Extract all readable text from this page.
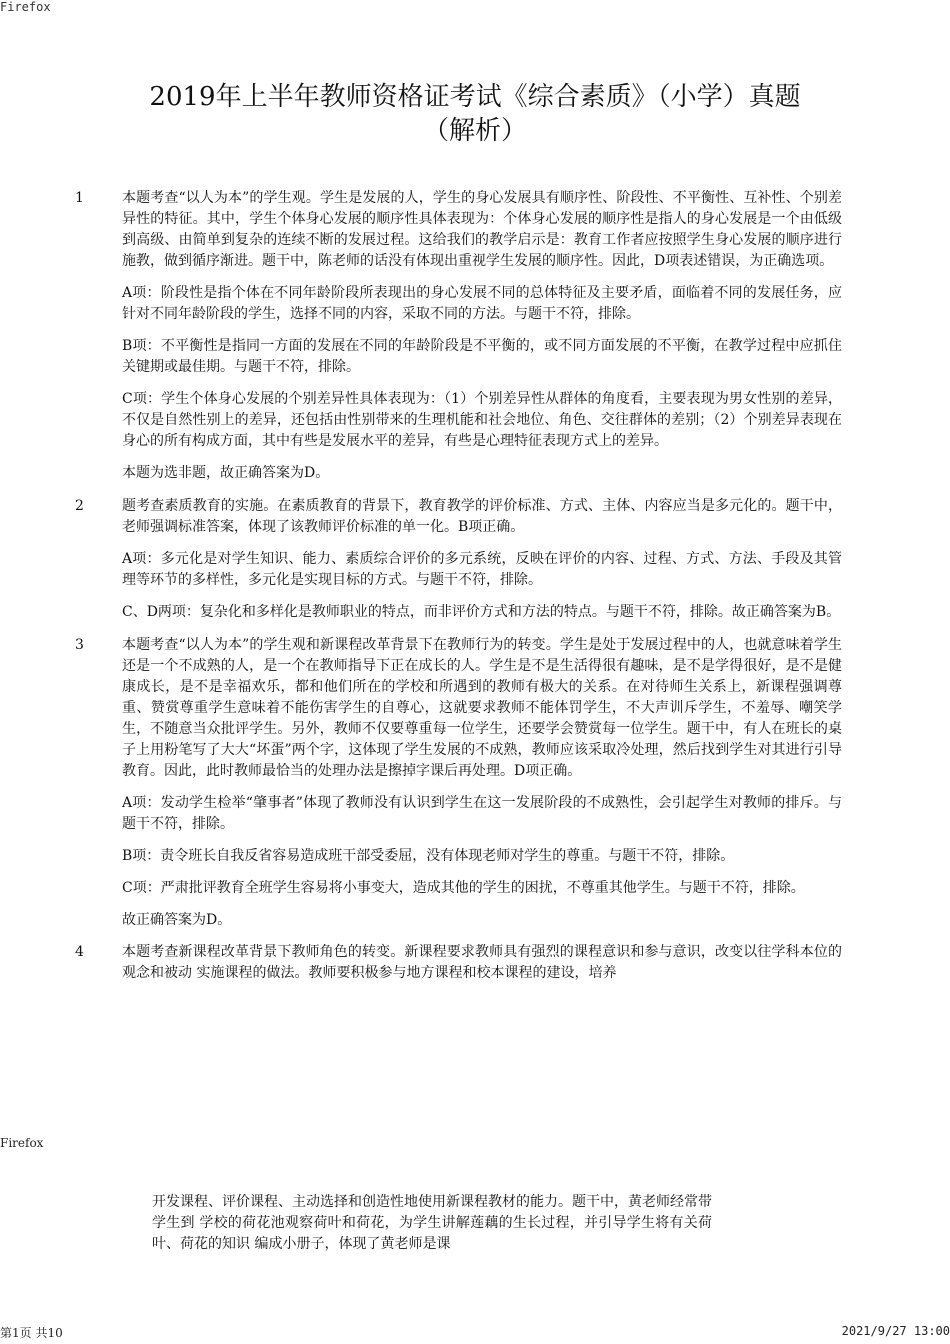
Firefox
2019年上半年教师资格证考试《综合素质》（小学）真题
（解析）
1	本题考查“以人为本”的学生观。学生是发展的人，学生的身心发展具有顺序性、阶段性、不平衡性、互补性、个别差异性的特征。其中，学生个体身心发展的顺序性具体表现为：个体身心发展的顺序性是指人的身心发展是一个由低级到高级、由简单到复杂的连续不断的发展过程。这给我们的教学启示是：教育工作者应按照学生身心发展的顺序进行施教，做到循序渐进。题干中，陈老师的话没有体现出重视学生发展的顺序性。因此，D项表述错误，为正确选项。

A项：阶段性是指个体在不同年龄阶段所表现出的身心发展不同的总体特征及主要矛盾，面临着不同的发展任务，应针对不同年龄阶段的学生，选择不同的内容，采取不同的方法。与题干不符，排除。

B项：不平衡性是指同一方面的发展在不同的年龄阶段是不平衡的，或不同方面发展的不平衡，在教学过程中应抓住关键期或最佳期。与题干不符，排除。

C项：学生个体身心发展的个别差异性具体表现为：（1）个别差异性从群体的角度看，主要表现为男女性别的差异，不仅是自然性别上的差异，还包括由性别带来的生理机能和社会地位、角色、交往群体的差别；（2）个别差异表现在身心的所有构成方面，其中有些是发展水平的差异，有些是心理特征表现方式上的差异。

本题为选非题，故正确答案为D。

2	题考查素质教育的实施。在素质教育的背景下，教育教学的评价标准、方式、主体、内容应当是多元化的。题干中，老师强调标准答案，体现了该教师评价标准的单一化。B项正确。

A项：多元化是对学生知识、能力、素质综合评价的多元系统，反映在评价的内容、过程、方式、方法、手段及其管理等环节的多样性，多元化是实现目标的方式。与题干不符，排除。

C、D两项：复杂化和多样化是教师职业的特点，而非评价方式和方法的特点。与题干不符，排除。故正确答案为B。

3	本题考查“以人为本”的学生观和新课程改革背景下在教师行为的转变。学生是处于发展过程中的人，也就意味着学生还是一个不成熟的人，是一个在教师指导下正在成长的人。学生是不是生活得很有趣味，是不是学得很好，是不是健康成长，是不是幸福欢乐，都和他们所在的学校和所遇到的教师有极大的关系。在对待师生关系上，新课程强调尊重、赞赏尊重学生意味着不能伤害学生的自尊心，这就要求教师不能体罚学生，不大声训斥学生，不羞辱、嘲笑学生，不随意当众批评学生。另外，教师不仅要尊重每一位学生，还要学会赞赏每一位学生。题干中，有人在班长的桌子上用粉笔写了大大“坏蛋”两个字，这体现了学生发展的不成熟，教师应该采取冷处理，然后找到学生对其进行引导教育。因此，此时教师最恰当的处理办法是擦掉字课后再处理。D项正确。

A项：发动学生检举“肇事者”体现了教师没有认识到学生在这一发展阶段的不成熟性，会引起学生对教师的排斥。与题干不符，排除。

B项：责令班长自我反省容易造成班干部受委屈，没有体现老师对学生的尊重。与题干不符，排除。

C项：严肃批评教育全班学生容易将小事变大，造成其他的学生的困扰，不尊重其他学生。与题干不符，排除。

故正确答案为D。

4	本题考查新课程改革背景下教师角色的转变。新课程要求教师具有强烈的课程意识和参与意识，改变以往学科本位的观念和被动 实施课程的做法。教师要积极参与地方课程和校本课程的建设，培养

Firefox

开发课程、评价课程、主动选择和创造性地使用新课程教材的能力。题干中，黄老师经常带学生到 学校的荷花池观察荷叶和荷花，为学生讲解莲藕的生长过程，并引导学生将有关荷叶、荷花的知识 编成小册子，体现了黄老师是课

第1页 共10	2021/9/27 13:00
